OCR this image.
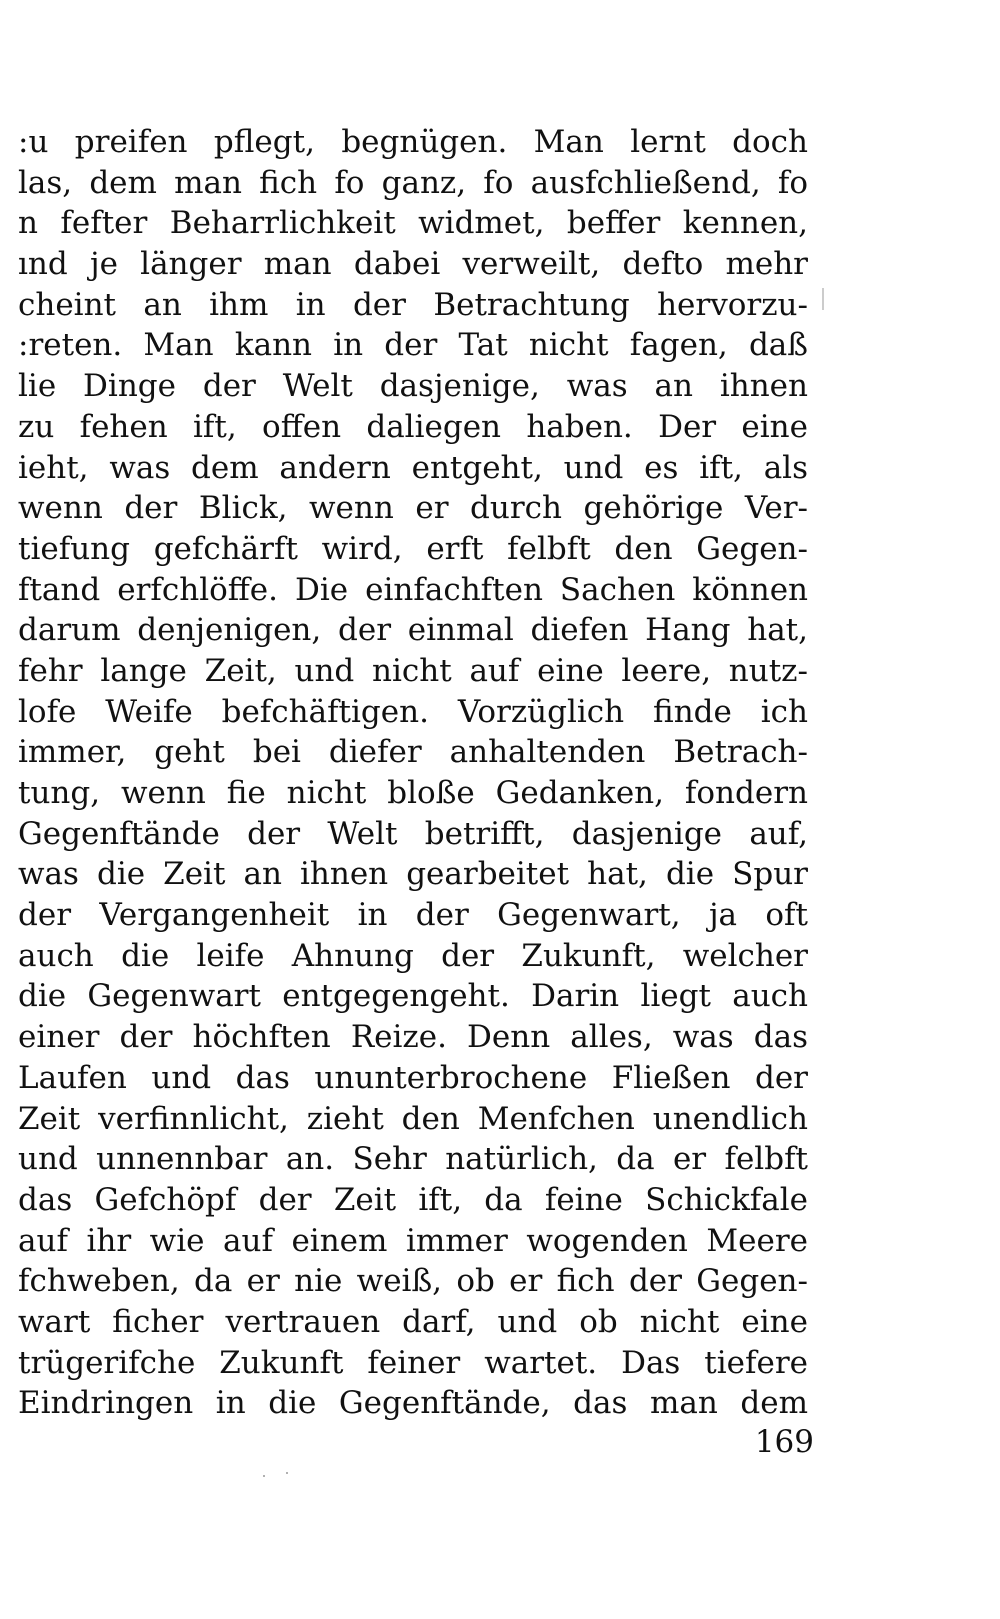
:u preifen pflegt, begnügen. Man lernt doch
las, dem man fich fo ganz, fo ausfchließend, fo
n fefter Beharrlichkeit widmet, beffer kennen,
ınd je länger man dabei verweilt, defto mehr
cheint an ihm in der Betrachtung hervorzu-
:reten. Man kann in der Tat nicht fagen, daß
lie Dinge der Welt dasjenige, was an ihnen
zu fehen ift, offen daliegen haben. Der eine
ieht, was dem andern entgeht, und es ift, als
wenn der Blick, wenn er durch gehörige Ver-
tiefung gefchärft wird, erft felbft den Gegen-
ftand erfchlöffe. Die einfachften Sachen können
darum denjenigen, der einmal diefen Hang hat,
fehr lange Zeit, und nicht auf eine leere, nutz-
lofe Weife befchäftigen. Vorzüglich finde ich
immer, geht bei diefer anhaltenden Betrach-
tung, wenn fie nicht bloße Gedanken, fondern
Gegenftände der Welt betrifft, dasjenige auf,
was die Zeit an ihnen gearbeitet hat, die Spur
der Vergangenheit in der Gegenwart, ja oft
auch die leife Ahnung der Zukunft, welcher
die Gegenwart entgegengeht. Darin liegt auch
einer der höchften Reize. Denn alles, was das
Laufen und das ununterbrochene Fließen der
Zeit verfinnlicht, zieht den Menfchen unendlich
und unnennbar an. Sehr natürlich, da er felbft
das Gefchöpf der Zeit ift, da feine Schickfale
auf ihr wie auf einem immer wogenden Meere
fchweben, da er nie weiß, ob er fich der Gegen-
wart ficher vertrauen darf, und ob nicht eine
trügerifche Zukunft feiner wartet. Das tiefere
Eindringen in die Gegenftände, das man dem
169
